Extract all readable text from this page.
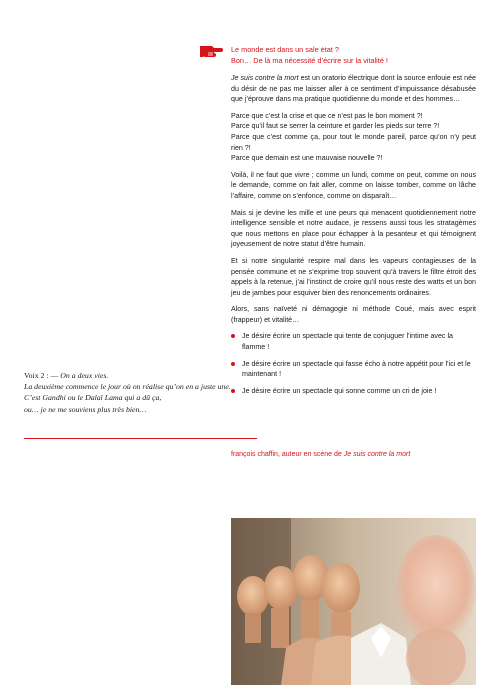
Le monde est dans un sale état ?
Bon… De là ma nécessité d’écrire sur la vitalité !

Je suis contre la mort est un oratorio électrique dont la source enfouie est née du désir de ne pas me laisser aller à ce sentiment d’impuissance désabusée que j’éprouve dans ma pratique quotidienne du monde et des hommes…

Parce que c’est la crise et que ce n’est pas le bon moment ?!
Parce qu’il faut se serrer la ceinture et garder les pieds sur terre ?!
Parce que c’est comme ça, pour tout le monde pareil, parce qu’on n’y peut rien ?!
Parce que demain est une mauvaise nouvelle ?!

Voilà, il ne faut que vivre ; comme un lundi, comme on peut, comme on nous le demande, comme on fait aller, comme on laisse tomber, comme on lâche l’affaire, comme on s’enfonce, comme on disparaît…

Mais si je devine les mille et une peurs qui menacent quotidiennement notre intelligence sensible et notre audace, je ressens aussi tous les stratagèmes que nous mettons en place pour échapper à la pesanteur et qui témoignent joyeusement de notre statut d’être humain.

Et si notre singularité respire mal dans les vapeurs contagieuses de la pensée commune et ne s’exprime trop souvent qu’à travers le filtre étroit des appels à la retenue, j’ai l’instinct de croire qu’il nous reste des watts et un bon jeu de jambes pour esquiver bien des renoncements ordinaires.

Alors, sans naïveté ni démagogie ni méthode Coué, mais avec esprit (frappeur) et vitalité…

Je désire écrire un spectacle qui tente de conjuguer l’intime avec la flamme !
Je désire écrire un spectacle qui fasse écho à notre appétit pour l’ici et le maintenant !
Je désire écrire un spectacle qui sonne comme un cri de joie !
Voix 2 : — On a deux vies.
La deuxième commence le jour où on réalise qu’on en a juste une.
C’est Gandhi ou le Dalaï Lama qui a dû ça,
ou… je ne me souviens plus très bien…
françois chaffin, auteur en scène de Je suis contre la mort
